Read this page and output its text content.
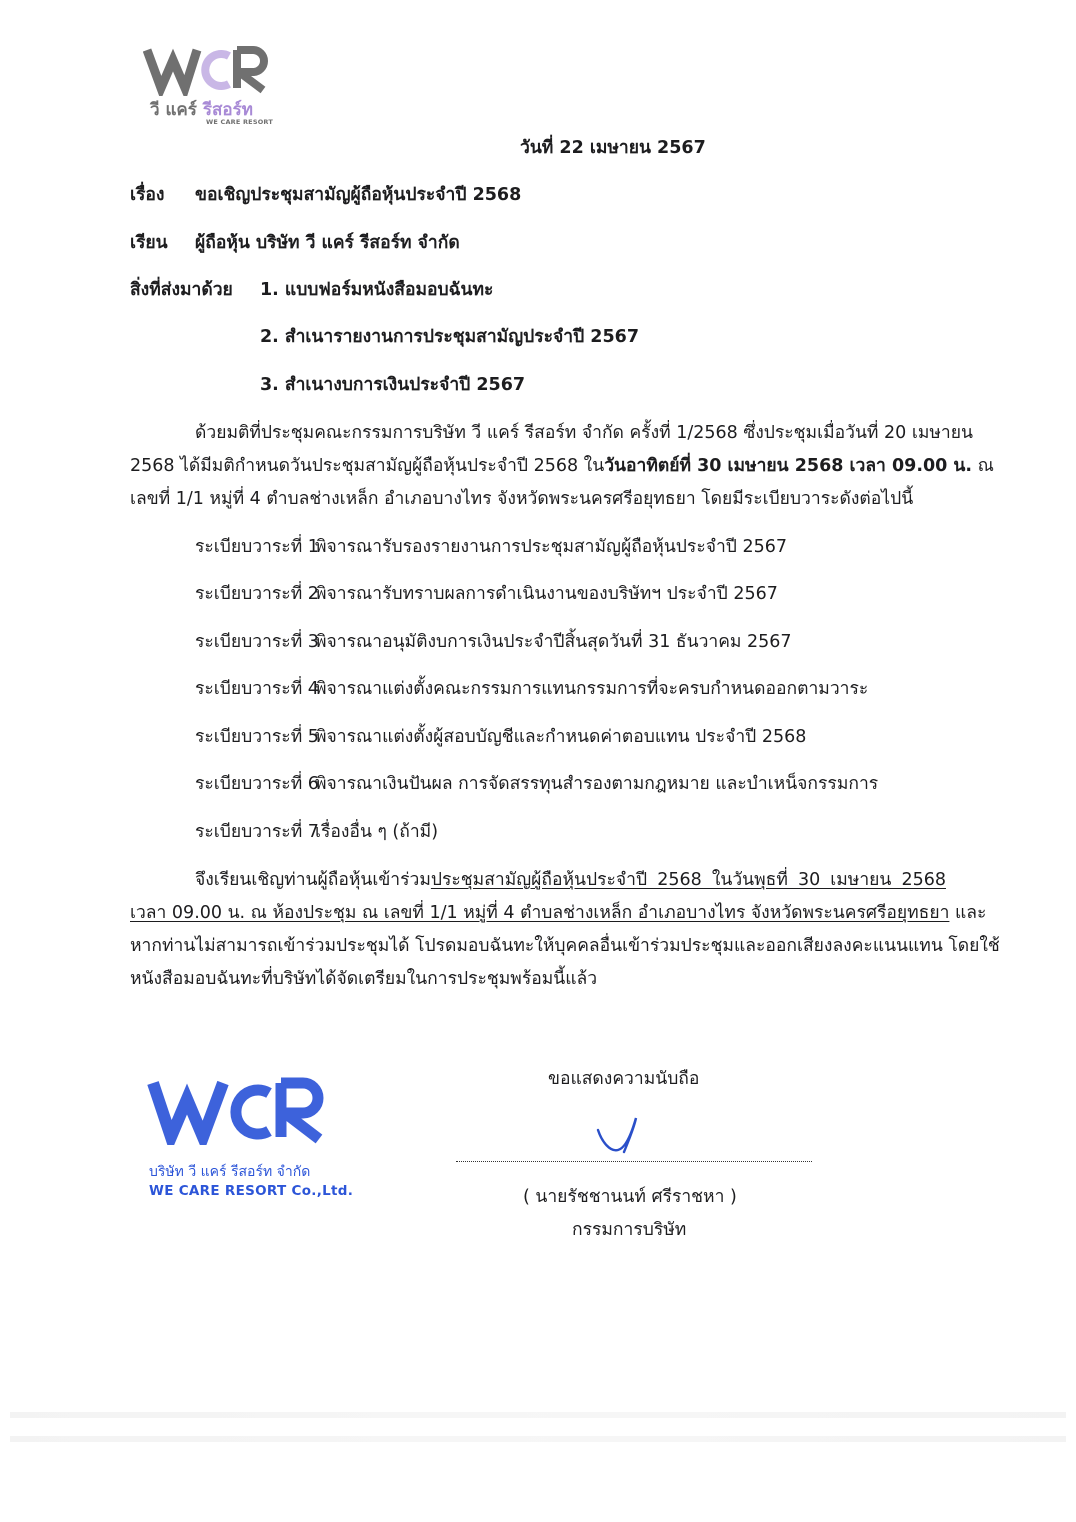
วี แคร์ รีสอร์ท
WE CARE RESORT
วันที่ 22 เมษายน 2567
เรื่อง ขอเชิญประชุมสามัญผู้ถือหุ้นประจำปี 2568
เรียน ผู้ถือหุ้น บริษัท วี แคร์ รีสอร์ท จำกัด
สิ่งที่ส่งมาด้วย 1. แบบฟอร์มหนังสือมอบฉันทะ
2. สำเนารายงานการประชุมสามัญประจำปี 2567
3. สำเนางบการเงินประจำปี 2567
ด้วยมติที่ประชุมคณะกรรมการบริษัท วี แคร์ รีสอร์ท จำกัด ครั้งที่ 1/2568 ซึ่งประชุมเมื่อวันที่ 20 เมษายน
2568 ได้มีมติกำหนดวันประชุมสามัญผู้ถือหุ้นประจำปี 2568 ในวันอาทิตย์ที่ 30 เมษายน 2568 เวลา 09.00 น. ณ
เลขที่ 1/1 หมู่ที่ 4 ตำบลช่างเหล็ก อำเภอบางไทร จังหวัดพระนครศรีอยุทธยา โดยมีระเบียบวาระดังต่อไปนี้
ระเบียบวาระที่ 1พิจารณารับรองรายงานการประชุมสามัญผู้ถือหุ้นประจำปี 2567
ระเบียบวาระที่ 2พิจารณารับทราบผลการดำเนินงานของบริษัทฯ ประจำปี 2567
ระเบียบวาระที่ 3พิจารณาอนุมัติงบการเงินประจำปีสิ้นสุดวันที่ 31 ธันวาคม 2567
ระเบียบวาระที่ 4พิจารณาแต่งตั้งคณะกรรมการแทนกรรมการที่จะครบกำหนดออกตามวาระ
ระเบียบวาระที่ 5พิจารณาแต่งตั้งผู้สอบบัญชีและกำหนดค่าตอบแทน ประจำปี 2568
ระเบียบวาระที่ 6พิจารณาเงินปันผล การจัดสรรทุนสำรองตามกฎหมาย และบำเหน็จกรรมการ
ระเบียบวาระที่ 7เรื่องอื่น ๆ (ถ้ามี)
จึงเรียนเชิญท่านผู้ถือหุ้นเข้าร่วมประชุมสามัญผู้ถือหุ้นประจำปี 2568 ในวันพุธที่ 30 เมษายน 2568
เวลา 09.00 น. ณ ห้องประชุม ณ เลขที่ 1/1 หมู่ที่ 4 ตำบลช่างเหล็ก อำเภอบางไทร จังหวัดพระนครศรีอยุทธยา และ
หากท่านไม่สามารถเข้าร่วมประชุมได้ โปรดมอบฉันทะให้บุคคลอื่นเข้าร่วมประชุมและออกเสียงลงคะแนนแทน โดยใช้
หนังสือมอบฉันทะที่บริษัทได้จัดเตรียมในการประชุมพร้อมนี้แล้ว
บริษัท วี แคร์ รีสอร์ท จำกัด
WE CARE RESORT Co.,Ltd.
ขอแสดงความนับถือ
( นายรัชชานนท์ ศรีราชหา )
กรรมการบริษัท
